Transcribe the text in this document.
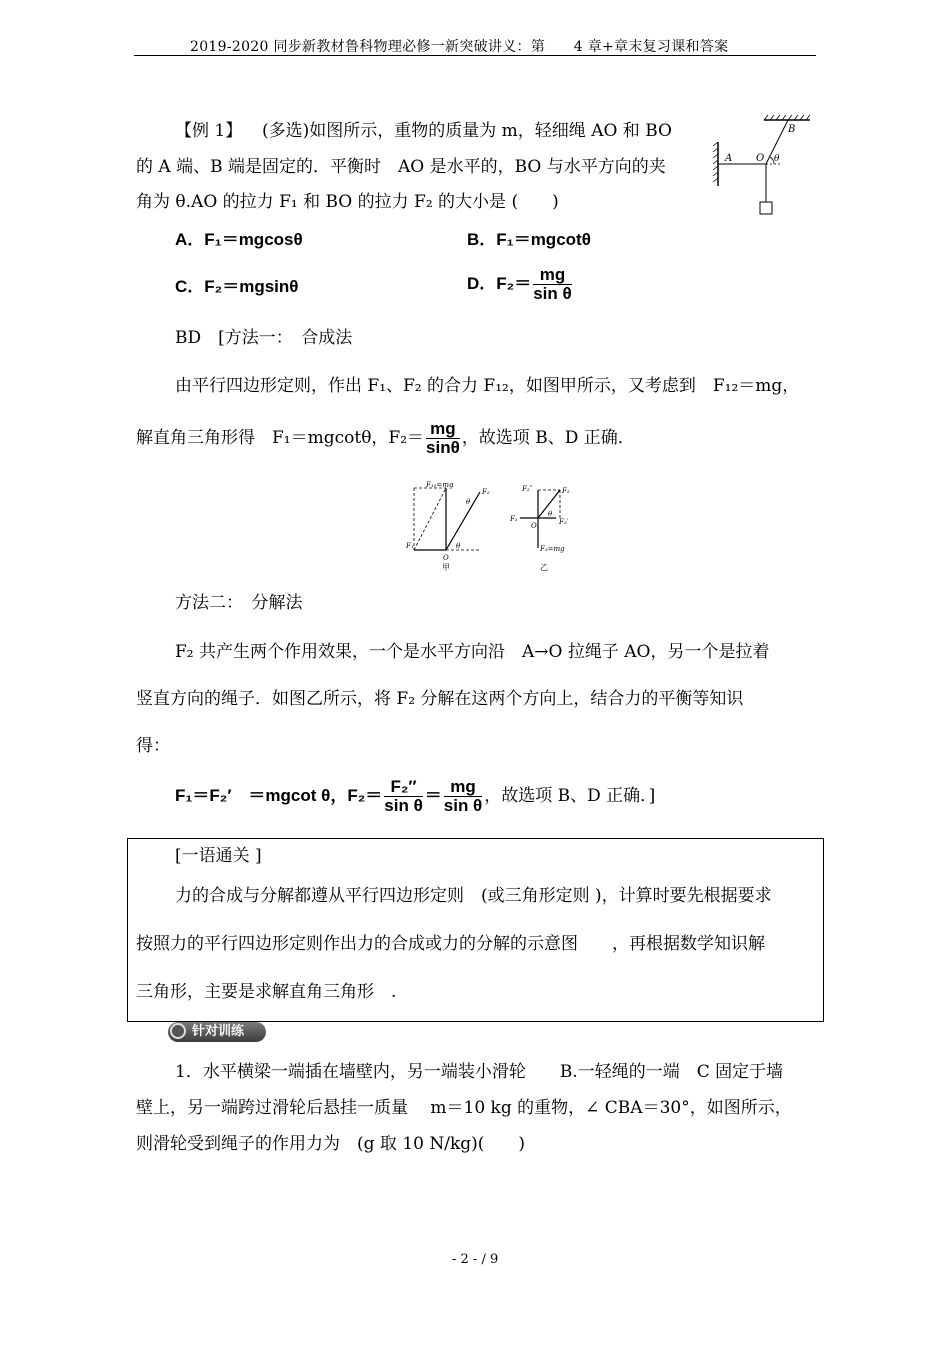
2019-2020 同步新教材鲁科物理必修一新突破讲义：第　　4 章+章末复习课和答案
【例 1】 (多选)如图所示，重物的质量为 m，轻细绳 AO 和 BO
的 A 端、B 端是固定的．平衡时　AO 是水平的，BO 与水平方向的夹
角为 θ.AO 的拉力 F₁ 和 BO 的拉力 F₂ 的大小是 (　　)
B
A O θ
A．F₁＝mgcosθ	B．F₁＝mgcotθ
C．F₂＝mgsinθ	D．$F_2= \frac{mg}{\text{sin θ}}$
BD　[方法一：　合成法
由平行四边形定则，作出 F₁、F₂ 的合力 F₁₂，如图甲所示，又考虑到　F₁₂＝mg，
解直角三角形得　F₁＝mgcotθ，$F_2= \frac{mg}{\sin\theta}$ ，故选项 B、D 正确．
F₁₂=mg
F₂
θ
F₁
O
θ
甲
F₂″	F₂
F₁
O
θ
F₂′
F₃=mg
乙
方法二：　分解法
F₂ 共产生两个作用效果，一个是水平方向沿　A→O 拉绳子 AO，另一个是拉着
竖直方向的绳子．如图乙所示，将 F₂ 分解在这两个方向上，结合力的平衡等知识
得：
F₁＝F₂′　＝mgcot θ，$F_2= \frac{\text{F₂″}}{\text{sin θ}} = \frac{mg}{\text{sin θ}}$ ，故选项 B、D 正确．]
[一语通关 ]
力的合成与分解都遵从平行四边形定则　(或三角形定则 )，计算时要先根据要求
按照力的平行四边形定则作出力的合成或力的分解的示意图　　，再根据数学知识解
三角形，主要是求解直角三角形　.
针对训练
1．水平横梁一端插在墙壁内，另一端装小滑轮　　B.一轻绳的一端　C 固定于墙
壁上，另一端跨过滑轮后悬挂一质量　 m＝10 kg 的重物，∠ CBA＝30°，如图所示，
则滑轮受到绳子的作用力为　(g 取 10 N/kg)(　　)
- 2 - / 9
